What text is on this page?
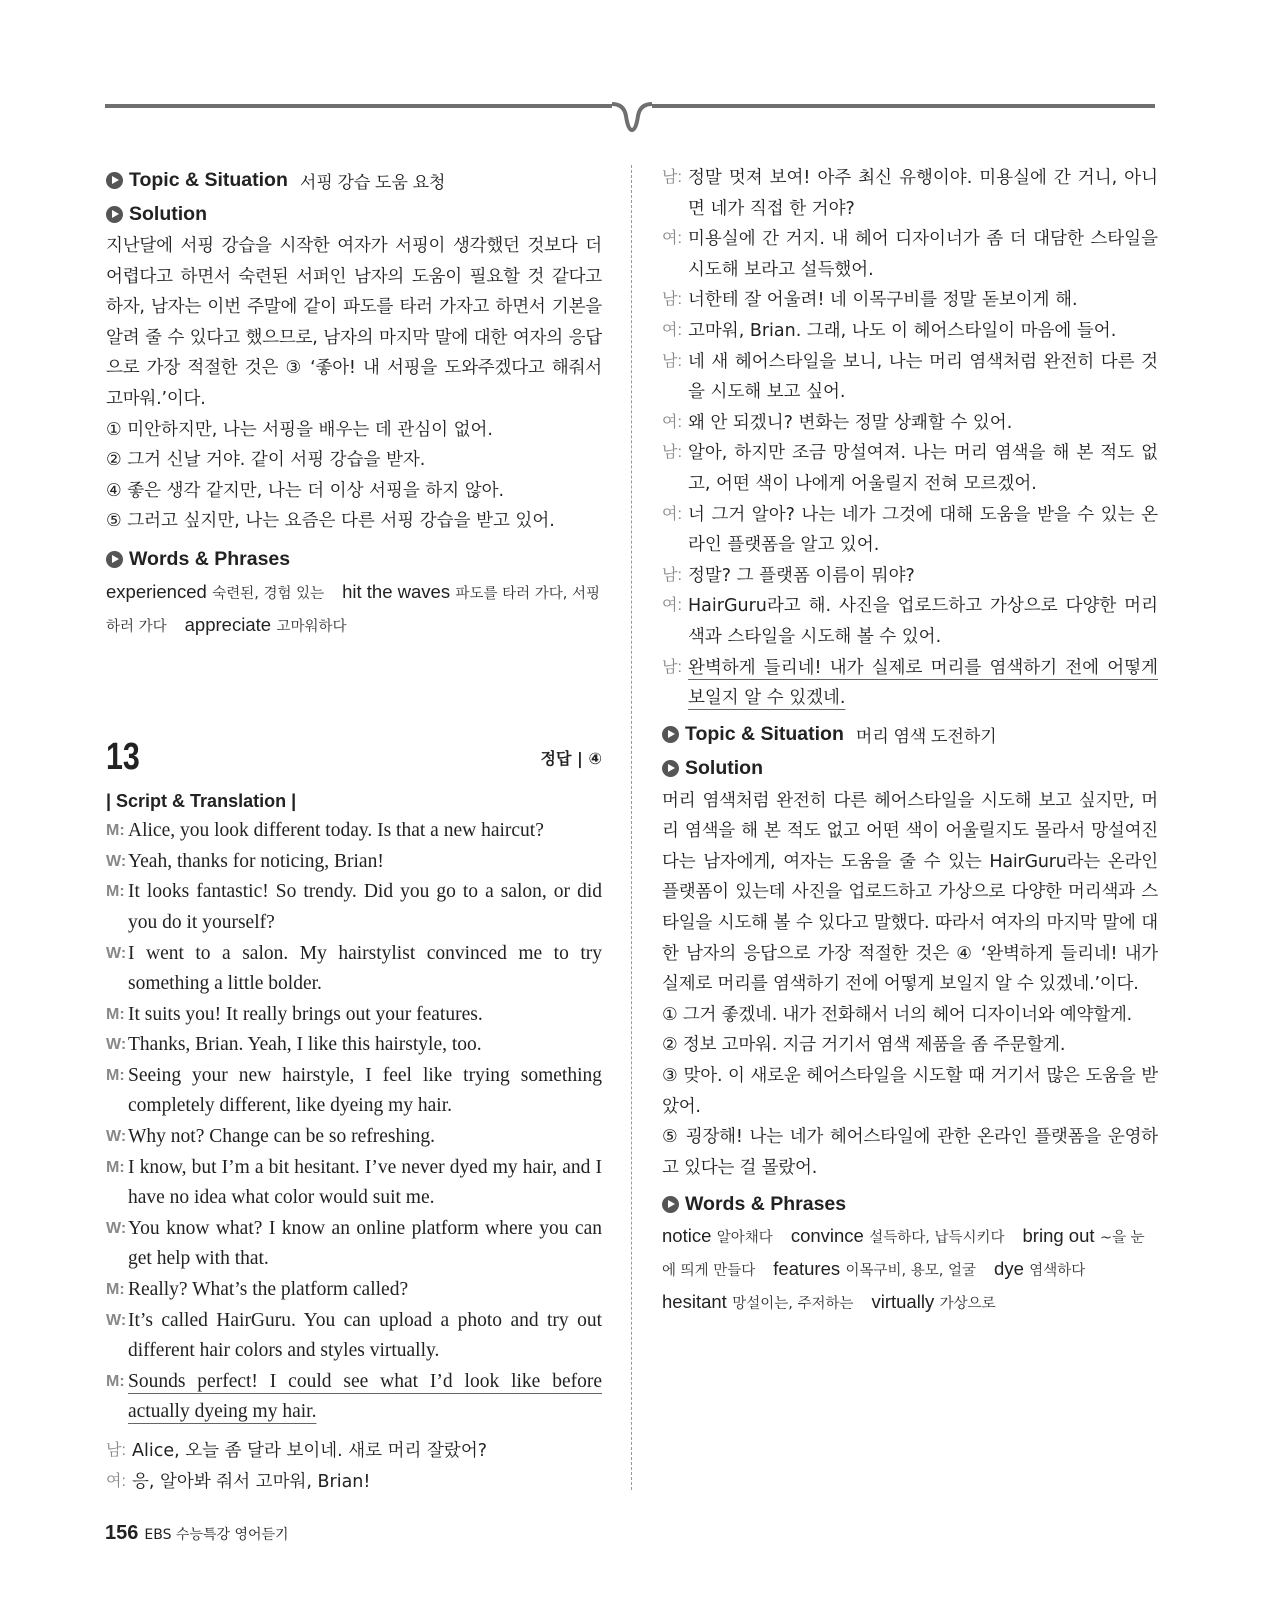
Topic & Situation 서핑 강습 도움 요청
Solution
지난달에 서핑 강습을 시작한 여자가 서핑이 생각했던 것보다 더 어렵다고 하면서 숙련된 서퍼인 남자의 도움이 필요할 것 같다고 하자, 남자는 이번 주말에 같이 파도를 타러 가자고 하면서 기본을 알려 줄 수 있다고 했으므로, 남자의 마지막 말에 대한 여자의 응답으로 가장 적절한 것은 ③ ‘좋아! 내 서핑을 도와주겠다고 해줘서 고마워.’이다.
① 미안하지만, 나는 서핑을 배우는 데 관심이 없어.
② 그거 신날 거야. 같이 서핑 강습을 받자.
④ 좋은 생각 같지만, 나는 더 이상 서핑을 하지 않아.
⑤ 그러고 싶지만, 나는 요즘은 다른 서핑 강습을 받고 있어.
Words & Phrases
experienced 숙련된, 경험 있는 hit the waves 파도를 타러 가다, 서핑 하러 가다 appreciate 고마워하다
13	정답 | ④
| Script & Translation |
M: Alice, you look different today. Is that a new haircut?
W: Yeah, thanks for noticing, Brian!
M: It looks fantastic! So trendy. Did you go to a salon, or did you do it yourself?
W: I went to a salon. My hairstylist convinced me to try something a little bolder.
M: It suits you! It really brings out your features.
W: Thanks, Brian. Yeah, I like this hairstyle, too.
M: Seeing your new hairstyle, I feel like trying something completely different, like dyeing my hair.
W: Why not? Change can be so refreshing.
M: I know, but I’m a bit hesitant. I’ve never dyed my hair, and I have no idea what color would suit me.
W: You know what? I know an online platform where you can get help with that.
M: Really? What’s the platform called?
W: It’s called HairGuru. You can upload a photo and try out different hair colors and styles virtually.
M: Sounds perfect! I could see what I’d look like before actually dyeing my hair.
남: Alice, 오늘 좀 달라 보이네. 새로 머리 잘랐어?
여: 응, 알아봐 줘서 고마워, Brian!
남: 정말 멋져 보여! 아주 최신 유행이야. 미용실에 간 거니, 아니면 네가 직접 한 거야?
여: 미용실에 간 거지. 내 헤어 디자이너가 좀 더 대담한 스타일을 시도해 보라고 설득했어.
남: 너한테 잘 어울려! 네 이목구비를 정말 돋보이게 해.
여: 고마워, Brian. 그래, 나도 이 헤어스타일이 마음에 들어.
남: 네 새 헤어스타일을 보니, 나는 머리 염색처럼 완전히 다른 것을 시도해 보고 싶어.
여: 왜 안 되겠니? 변화는 정말 상쾌할 수 있어.
남: 알아, 하지만 조금 망설여져. 나는 머리 염색을 해 본 적도 없고, 어떤 색이 나에게 어울릴지 전혀 모르겠어.
여: 너 그거 알아? 나는 네가 그것에 대해 도움을 받을 수 있는 온라인 플랫폼을 알고 있어.
남: 정말? 그 플랫폼 이름이 뭐야?
여: HairGuru라고 해. 사진을 업로드하고 가상으로 다양한 머리색과 스타일을 시도해 볼 수 있어.
남: 완벽하게 들리네! 내가 실제로 머리를 염색하기 전에 어떻게 보일지 알 수 있겠네.
Topic & Situation 머리 염색 도전하기
Solution
머리 염색처럼 완전히 다른 헤어스타일을 시도해 보고 싶지만, 머리 염색을 해 본 적도 없고 어떤 색이 어울릴지도 몰라서 망설여진다는 남자에게, 여자는 도움을 줄 수 있는 HairGuru라는 온라인 플랫폼이 있는데 사진을 업로드하고 가상으로 다양한 머리색과 스타일을 시도해 볼 수 있다고 말했다. 따라서 여자의 마지막 말에 대한 남자의 응답으로 가장 적절한 것은 ④ ‘완벽하게 들리네! 내가 실제로 머리를 염색하기 전에 어떻게 보일지 알 수 있겠네.’이다.
① 그거 좋겠네. 내가 전화해서 너의 헤어 디자이너와 예약할게.
② 정보 고마워. 지금 거기서 염색 제품을 좀 주문할게.
③ 맞아. 이 새로운 헤어스타일을 시도할 때 거기서 많은 도움을 받았어.
⑤ 굉장해! 나는 네가 헤어스타일에 관한 온라인 플랫폼을 운영하고 있다는 걸 몰랐어.
Words & Phrases
notice 알아채다 convince 설득하다, 납득시키다 bring out ~을 눈에 띄게 만들다 features 이목구비, 용모, 얼굴 dye 염색하다hesitant 망설이는, 주저하는 virtually 가상으로
156 EBS 수능특강 영어듣기
